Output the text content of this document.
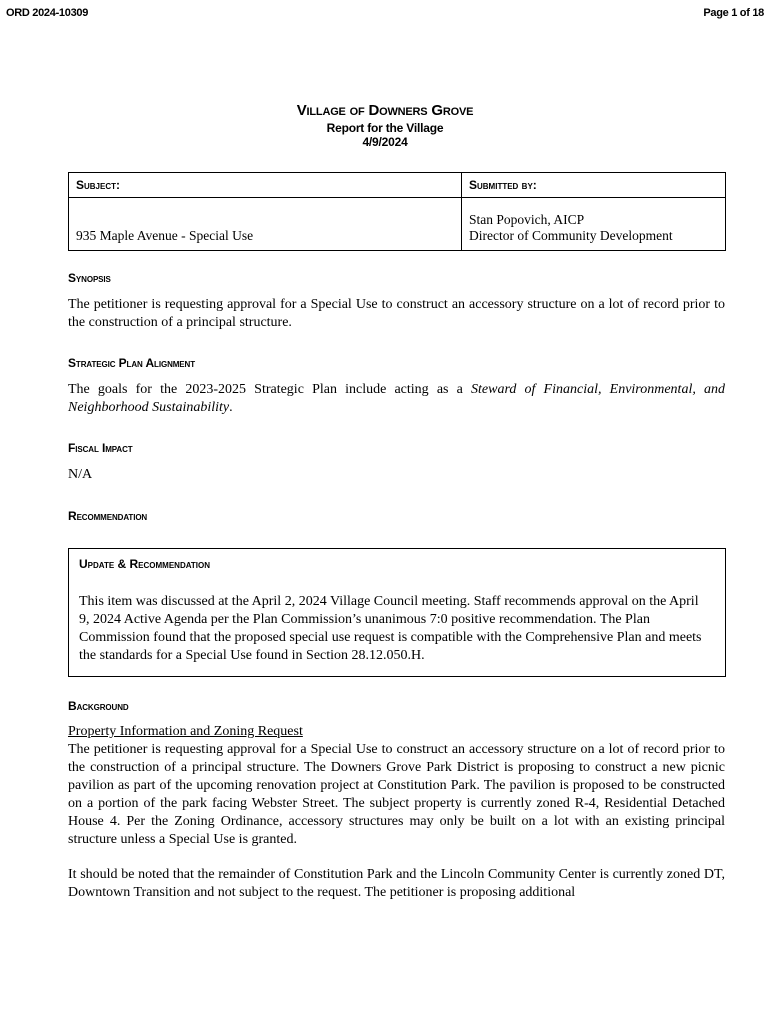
ORD 2024-10309	Page 1 of 18
Village of Downers Grove
Report for the Village
4/9/2024
Subject:	Submitted by:
935 Maple Avenue - Special Use	Stan Popovich, AICP
Director of Community Development
Synopsis
The petitioner is requesting approval for a Special Use to construct an accessory structure on a lot of record prior to the construction of a principal structure.
Strategic Plan Alignment
The goals for the 2023-2025 Strategic Plan include acting as a Steward of Financial, Environmental, and Neighborhood Sustainability.
Fiscal Impact
N/A
Recommendation
Update & Recommendation
This item was discussed at the April 2, 2024 Village Council meeting. Staff recommends approval on the April 9, 2024 Active Agenda per the Plan Commission’s unanimous 7:0 positive recommendation. The Plan Commission found that the proposed special use request is compatible with the Comprehensive Plan and meets the standards for a Special Use found in Section 28.12.050.H.
Background
Property Information and Zoning Request
The petitioner is requesting approval for a Special Use to construct an accessory structure on a lot of record prior to the construction of a principal structure. The Downers Grove Park District is proposing to construct a new picnic pavilion as part of the upcoming renovation project at Constitution Park. The pavilion is proposed to be constructed on a portion of the park facing Webster Street. The subject property is currently zoned R-4, Residential Detached House 4. Per the Zoning Ordinance, accessory structures may only be built on a lot with an existing principal structure unless a Special Use is granted.
It should be noted that the remainder of Constitution Park and the Lincoln Community Center is currently zoned DT, Downtown Transition and not subject to the request. The petitioner is proposing additional
